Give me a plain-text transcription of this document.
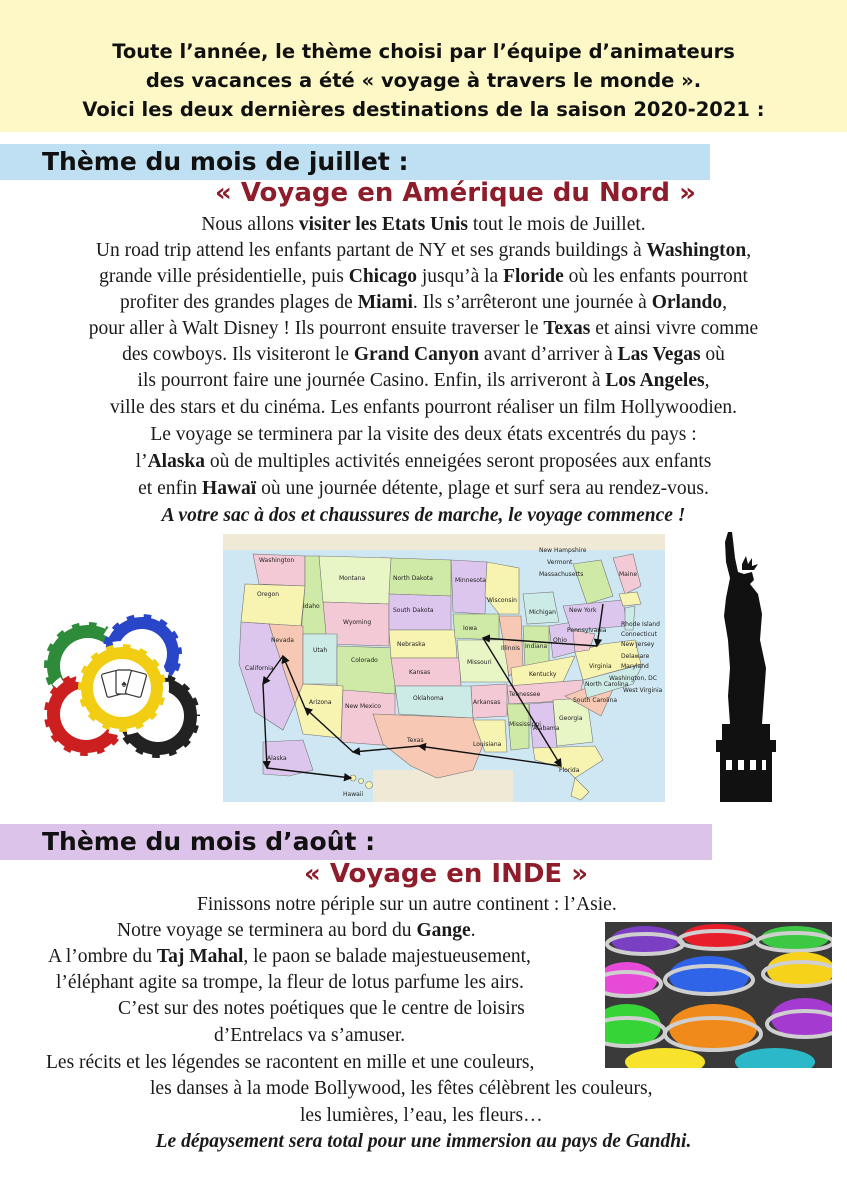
Toute l’année, le thème choisi par l’équipe d’animateurs
des vacances a été « voyage à travers le monde ».
Voici les deux dernières destinations de la saison 2020-2021 :
Thème du mois de juillet :
« Voyage en Amérique du Nord »
Nous allons visiter les Etats Unis tout le mois de Juillet.
Un road trip attend les enfants partant de NY et ses grands buildings à Washington,
grande ville présidentielle, puis Chicago jusqu’à la Floride où les enfants pourront
profiter des grandes plages de Miami. Ils s’arrêteront une journée à Orlando,
pour aller à Walt Disney ! Ils pourront ensuite traverser le Texas et ainsi vivre comme
des cowboys. Ils visiteront le Grand Canyon avant d’arriver à Las Vegas où
ils pourront faire une journée Casino. Enfin, ils arriveront à Los Angeles,
ville des stars et du cinéma. Les enfants pourront réaliser un film Hollywoodien.
Le voyage se terminera par la visite des deux états excentrés du pays :
l’Alaska où de multiples activités enneigées seront proposées aux enfants
et enfin Hawaï où une journée détente, plage et surf sera au rendez-vous.
A votre sac à dos et chaussures de marche, le voyage commence !
♠
Washington
Oregon
Idaho
Montana
Wyoming
Nevada
Utah
California
Arizona
Colorado
New Mexico
North Dakota
South Dakota
Nebraska
Kansas
Oklahoma
Texas
Minnesota
Iowa
Missouri
Arkansas
Louisiana
Wisconsin
Illinois
Michigan
Indiana
Ohio
Kentucky
Tennessee
Mississippi
Alabama
Georgia
Florida
South Carolina
North Carolina
Virginia
West Virginia
Pennsylvania
New York
Maine
New Hampshire
Vermont
Massachusetts
Rhode Island
Connecticut
New Jersey
Delaware
Maryland
Washington, DC
Alaska
Hawaii
Thème du mois d’août :
« Voyage en INDE »
Finissons notre périple sur un autre continent : l’Asie.
Notre voyage se terminera au bord du Gange.
A l’ombre du Taj Mahal, le paon se balade majestueusement,
l’éléphant agite sa trompe, la fleur de lotus parfume les airs.
C’est sur des notes poétiques que le centre de loisirs
d’Entrelacs va s’amuser.
Les récits et les légendes se racontent en mille et une couleurs,
les danses à la mode Bollywood, les fêtes célèbrent les couleurs,
les lumières, l’eau, les fleurs…
Le dépaysement sera total pour une immersion au pays de Gandhi.
